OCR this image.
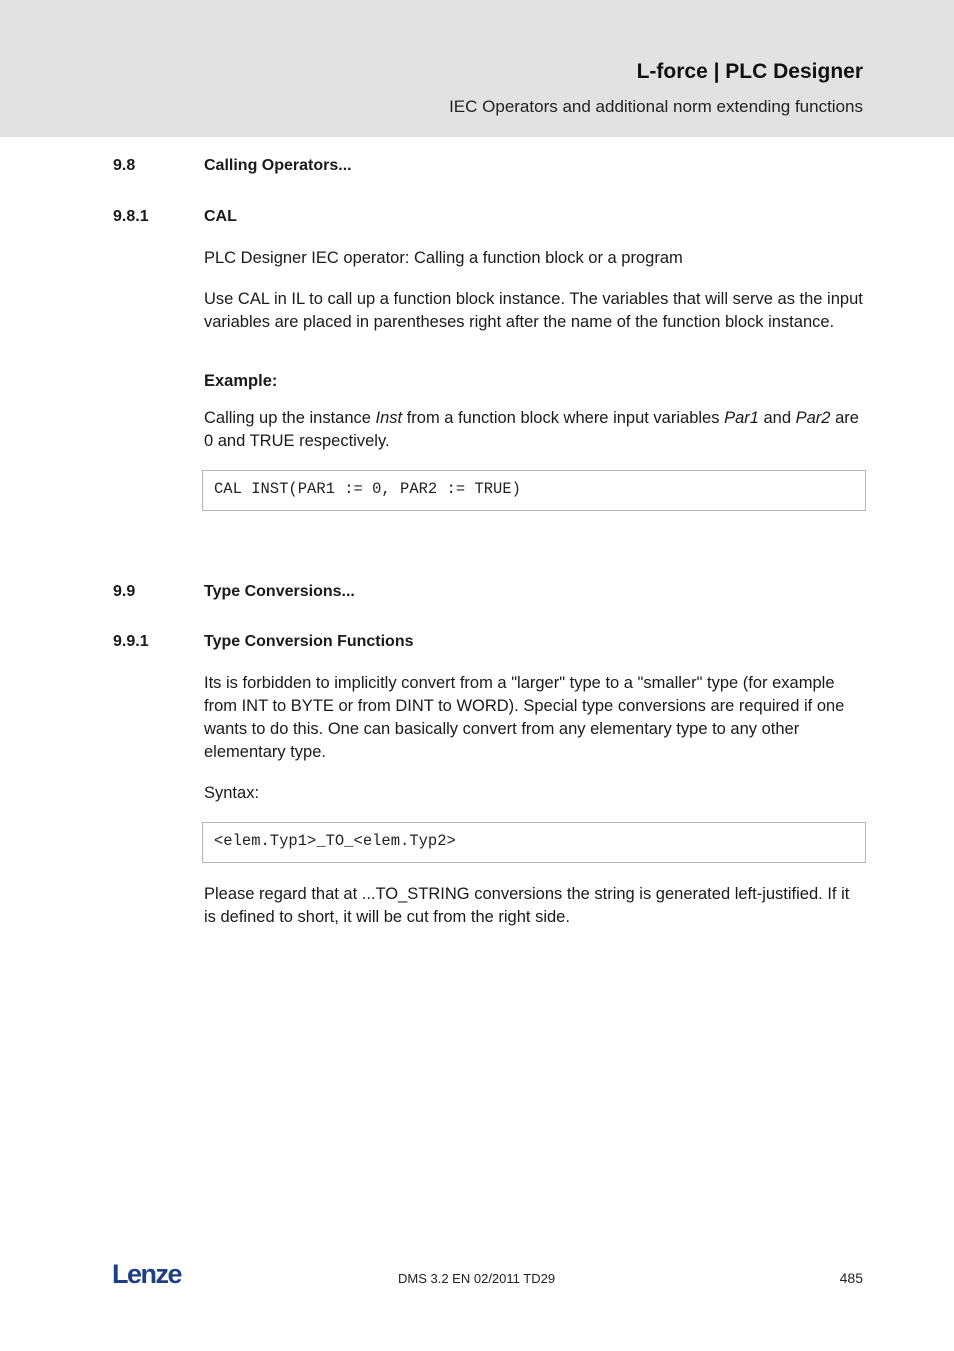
L-force | PLC Designer
IEC Operators and additional norm extending functions
9.8	Calling Operators...
9.8.1	CAL
PLC Designer IEC operator: Calling a function block or a program
Use CAL in IL to call up a function block instance. The variables that will serve as the input variables are placed in parentheses right after the name of the function block instance.
Example:
Calling up the instance Inst from a function block where input variables Par1 and Par2 are 0 and TRUE respectively.
CAL INST(PAR1 := 0, PAR2 := TRUE)
9.9	Type Conversions...
9.9.1	Type Conversion Functions
Its is forbidden to implicitly convert from a "larger" type to a "smaller" type (for example from INT to BYTE or from DINT to WORD). Special type conversions are required if one wants to do this. One can basically convert from any elementary type to any other elementary type.
Syntax:
<elem.Typ1>_TO_<elem.Typ2>
Please regard that at ...TO_STRING conversions the string is generated left-justified. If it is defined to short, it will be cut from the right side.
Lenze	DMS 3.2 EN 02/2011 TD29	485
